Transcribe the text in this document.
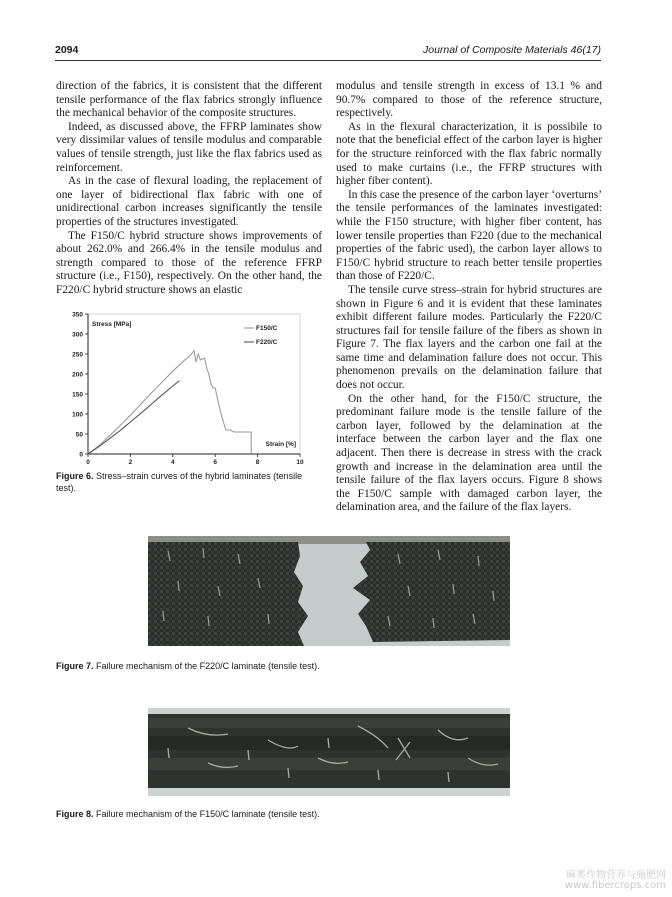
2094	Journal of Composite Materials 46(17)

direction of the fabrics, it is consistent that the different tensile performance of the flax fabrics strongly influence the mechanical behavior of the composite structures.

Indeed, as discussed above, the FFRP laminates show very dissimilar values of tensile modulus and comparable values of tensile strength, just like the flax fabrics used as reinforcement.

As in the case of flexural loading, the replacement of one layer of bidirectional flax fabric with one of unidirectional carbon increases significantly the tensile properties of the structures investigated.

The F150/C hybrid structure shows improvements of about 262.0% and 266.4% in the tensile modulus and strength compared to those of the reference FFRP structure (i.e., F150), respectively. On the other hand, the F220/C hybrid structure shows an elastic

modulus and tensile strength in excess of 13.1 % and 90.7% compared to those of the reference structure, respectively.

As in the flexural characterization, it is possibile to note that the beneficial effect of the carbon layer is higher for the structure reinforced with the flax fabric normally used to make curtains (i.e., the FFRP structures with higher fiber content).

In this case the presence of the carbon layer ‘overturns’ the tensile performances of the laminates investigated: while the F150 structure, with higher fiber content, has lower tensile properties than F220 (due to the mechanical properties of the fabric used), the carbon layer allows to F150/C hybrid structure to reach better tensile properties than those of F220/C.

The tensile curve stress–strain for hybrid structures are shown in Figure 6 and it is evident that these laminates exhibit different failure modes. Particularly the F220/C structures fail for tensile failure of the fibers as shown in Figure 7. The flax layers and the carbon one fail at the same time and delamination failure does not occur. This phenomenon prevails on the delamination failure that does not occur.

On the other hand, for the F150/C structure, the predominant failure mode is the tensile failure of the carbon layer, followed by the delamination at the interface between the carbon layer and the flax one adjacent. Then there is decrease in stress with the crack growth and increase in the delamination area until the tensile failure of the flax layers occurs. Figure 8 shows the F150/C sample with damaged carbon layer, the delamination area, and the failure of the flax layers.

0
50
100
150
200
250
300
350
0	2	4	6	8	10
Stress [MPa]
Strain [%]
F150/C
F220/C
Figure 6. Stress–strain curves of the hybrid laminates (tensile test).
Figure 7. Failure mechanism of the F220/C laminate (tensile test).
Figure 8. Failure mechanism of the F150/C laminate (tensile test).
麻类作物营养与施肥网
www.fibercrops.com
